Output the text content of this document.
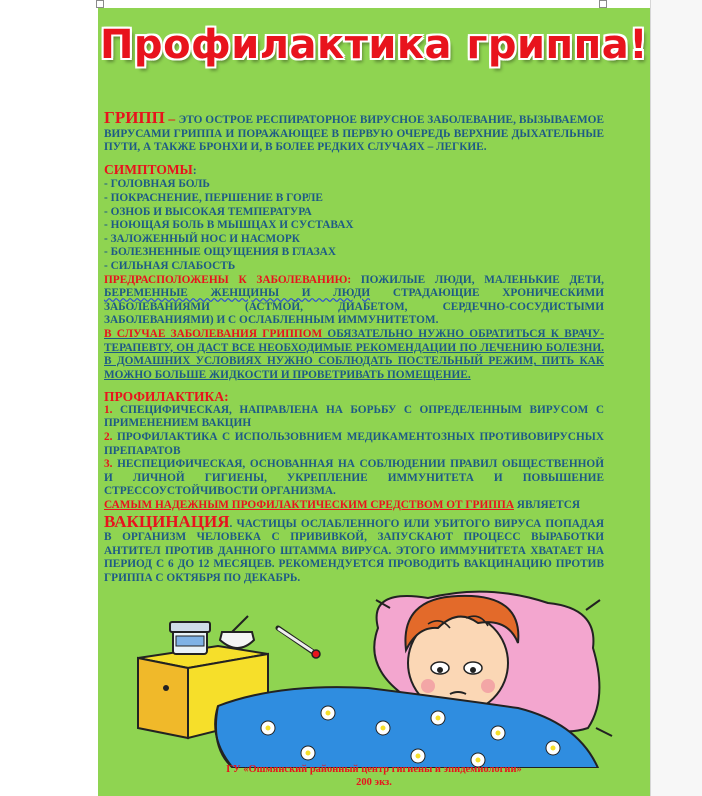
Профилактика гриппа!

ГРИПП – ЭТО ОСТРОЕ РЕСПИРАТОРНОЕ ВИРУСНОЕ ЗАБОЛЕВАНИЕ, ВЫЗЫВАЕМОЕ ВИРУСАМИ ГРИППА И ПОРАЖАЮЩЕЕ В ПЕРВУЮ ОЧЕРЕДЬ ВЕРХНИЕ ДЫХАТЕЛЬНЫЕ ПУТИ, А ТАКЖЕ БРОНХИ И, В БОЛЕЕ РЕДКИХ СЛУЧАЯХ – ЛЕГКИЕ.

СИМПТОМЫ:

- ГОЛОВНАЯ БОЛЬ

- ПОКРАСНЕНИЕ, ПЕРШЕНИЕ В ГОРЛЕ

- ОЗНОБ И ВЫСОКАЯ ТЕМПЕРАТУРА

- НОЮЩАЯ БОЛЬ В МЫШЦАХ И СУСТАВАХ

- ЗАЛОЖЕННЫЙ НОС И НАСМОРК

- БОЛЕЗНЕННЫЕ ОЩУЩЕНИЯ В ГЛАЗАХ

- СИЛЬНАЯ СЛАБОСТЬ

ПРЕДРАСПОЛОЖЕНЫ К ЗАБОЛЕВАНИЮ: ПОЖИЛЫЕ ЛЮДИ, МАЛЕНЬКИЕ ДЕТИ, БЕРЕМЕННЫЕ ЖЕНЩИНЫ И ЛЮДИ СТРАДАЮЩИЕ ХРОНИЧЕСКИМИ ЗАБОЛЕВАНИЯМИ (АСТМОЙ, ДИАБЕТОМ, СЕРДЕЧНО-СОСУДИСТЫМИ ЗАБОЛЕВАНИЯМИ) И С ОСЛАБЛЕННЫМ ИММУНИТЕТОМ.

В СЛУЧАЕ ЗАБОЛЕВАНИЯ ГРИППОМ ОБЯЗАТЕЛЬНО НУЖНО ОБРАТИТЬСЯ К ВРАЧУ-ТЕРАПЕВТУ, ОН ДАСТ ВСЕ НЕОБХОДИМЫЕ РЕКОМЕНДАЦИИ ПО ЛЕЧЕНИЮ БОЛЕЗНИ. В ДОМАШНИХ УСЛОВИЯХ НУЖНО СОБЛЮДАТЬ ПОСТЕЛЬНЫЙ РЕЖИМ, ПИТЬ КАК МОЖНО БОЛЬШЕ ЖИДКОСТИ И ПРОВЕТРИВАТЬ ПОМЕЩЕНИЕ.

ПРОФИЛАКТИКА:

1. СПЕЦИФИЧЕСКАЯ, НАПРАВЛЕНА НА БОРЬБУ С ОПРЕДЕЛЕННЫМ ВИРУСОМ С ПРИМЕНЕНИЕМ ВАКЦИН

2. ПРОФИЛАКТИКА С ИСПОЛЬЗОВНИЕМ МЕДИКАМЕНТОЗНЫХ ПРОТИВОВИРУСНЫХ ПРЕПАРАТОВ

3. НЕСПЕЦИФИЧЕСКАЯ, ОСНОВАННАЯ НА СОБЛЮДЕНИИ ПРАВИЛ ОБЩЕСТВЕННОЙ И ЛИЧНОЙ ГИГИЕНЫ, УКРЕПЛЕНИЕ ИММУНИТЕТА И ПОВЫШЕНИЕ СТРЕССОУСТОЙЧИВОСТИ ОРГАНИЗМА.

САМЫМ НАДЕЖНЫМ ПРОФИЛАКТИЧЕСКИМ СРЕДСТВОМ ОТ ГРИППА ЯВЛЯЕТСЯ

ВАКЦИНАЦИЯ. ЧАСТИЦЫ ОСЛАБЛЕННОГО ИЛИ УБИТОГО ВИРУСА ПОПАДАЯ В ОРГАНИЗМ ЧЕЛОВЕКА С ПРИВИВКОЙ, ЗАПУСКАЮТ ПРОЦЕСС ВЫРАБОТКИ АНТИТЕЛ ПРОТИВ ДАННОГО ШТАММА ВИРУСА. ЭТОГО ИММУНИТЕТА ХВАТАЕТ НА ПЕРИОД С 6 ДО 12 МЕСЯЦЕВ. РЕКОМЕНДУЕТСЯ ПРОВОДИТЬ ВАКЦИНАЦИЮ ПРОТИВ ГРИППА С ОКТЯБРЯ ПО ДЕКАБРЬ.

ГУ «Ошмянский районный центр гигиены и эпидемиологии»
200 экз.
